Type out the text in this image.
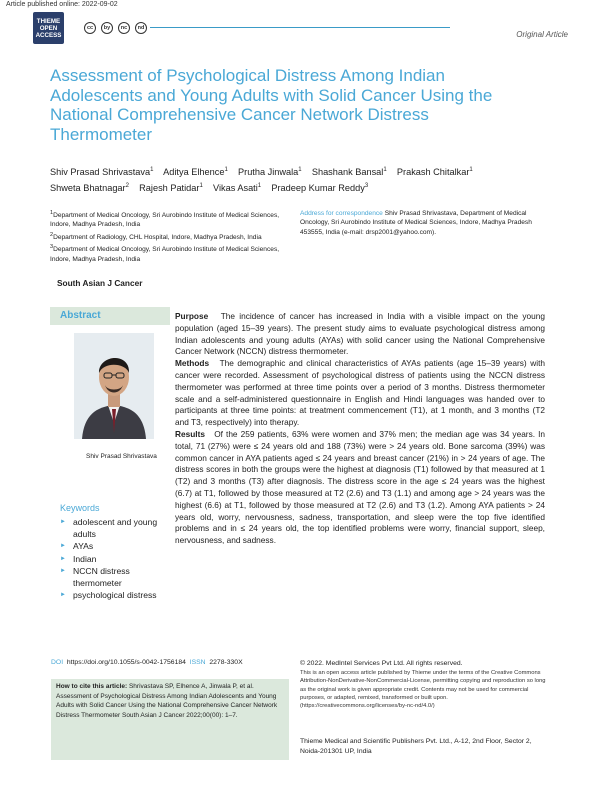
Article published online: 2022-09-02
THIEME
OPEN
ACCESS
cc	by	nc	nd
Original Article
Assessment of Psychological Distress Among Indian Adolescents and Young Adults with Solid Cancer Using the National Comprehensive Cancer Network Distress Thermometer
Shiv Prasad Shrivastava$^1$ Aditya Elhence$^1$ Prutha Jinwala$^1$ Shashank Bansal$^1$ Prakash Chitalkar$^1$
Shweta Bhatnagar$^2$ Rajesh Patidar$^1$ Vikas Asati$^1$ Pradeep Kumar Reddy$^3$

$^1$Department of Medical Oncology, Sri Aurobindo Institute of Medical Sciences, Indore, Madhya Pradesh, India

$^2$Department of Radiology, CHL Hospital, Indore, Madhya Pradesh, India

$^3$Department of Medical Oncology, Sri Aurobindo Institute of Medical Sciences, Indore, Madhya Pradesh, India

Address for correspondence Shiv Prasad Shrivastava, Department of Medical Oncology, Sri Aurobindo Institute of Medical Sciences, Indore, Madhya Pradesh 453555, India (e-mail: drsp2001@yahoo.com).
South Asian J Cancer
Abstract
Shiv Prasad Shrivastava
Keywords
► adolescent and young adults
► AYAs
► Indian
► NCCN distress thermometer
► psychological distress

Purpose The incidence of cancer has increased in India with a visible impact on the young population (aged 15–39 years). The present study aims to evaluate psychological distress among Indian adolescents and young adults (AYAs) with solid cancer using the National Comprehensive Cancer Network (NCCN) distress thermometer.

Methods The demographic and clinical characteristics of AYAs patients (age 15–39 years) with cancer were recorded. Assessment of psychological distress of patients using the NCCN distress thermometer was performed at three time points over a period of 3 months. Distress thermometer scale and a self-administered questionnaire in English and Hindi languages was handed over to participants at three time points: at treatment commencement (T1), at 1 month, and 3 months (T2 and T3, respectively) into therapy.

Results Of the 259 patients, 63% were women and 37% men; the median age was 34 years. In total, 71 (27%) were ≤ 24 years old and 188 (73%) were > 24 years old. Bone sarcoma (39%) was common cancer in AYA patients aged ≤ 24 years and breast cancer (21%) in > 24 years of age. The distress scores in both the groups were the highest at diagnosis (T1) followed by that measured at 1 (T2) and 3 months (T3) after diagnosis. The distress score in the age ≤ 24 years was the highest (6.7) at T1, followed by those measured at T2 (2.6) and T3 (1.1) and among age > 24 years was the highest (6.6) at T1, followed by those measured at T2 (2.6) and T3 (1.2). Among AYA patients > 24 years old, worry, nervousness, sadness, transportation, and sleep were the top five identified problems and in ≤ 24 years old, the top identified problems were worry, financial support, sleep, nervousness, and sadness.

DOI https://doi.org/10.1055/s-0042-1756184 ISSN 2278-330X
How to cite this article: Shrivastava SP, Elhence A, Jinwala P, et al. Assessment of Psychological Distress Among Indian Adolescents and Young Adults with Solid Cancer Using the National Comprehensive Cancer Network Distress Thermometer South Asian J Cancer 2022;00(00): 1–7.
© 2022. MedIntel Services Pvt Ltd. All rights reserved.
This is an open access article published by Thieme under the terms of the Creative Commons Attribution-NonDerivative-NonCommercial-License, permitting copying and reproduction so long as the original work is given appropriate credit. Contents may not be used for commercial purposes, or adapted, remixed, transformed or built upon. (https://creativecommons.org/licenses/by-nc-nd/4.0/)
Thieme Medical and Scientific Publishers Pvt. Ltd., A-12, 2nd Floor, Sector 2, Noida-201301 UP, India
